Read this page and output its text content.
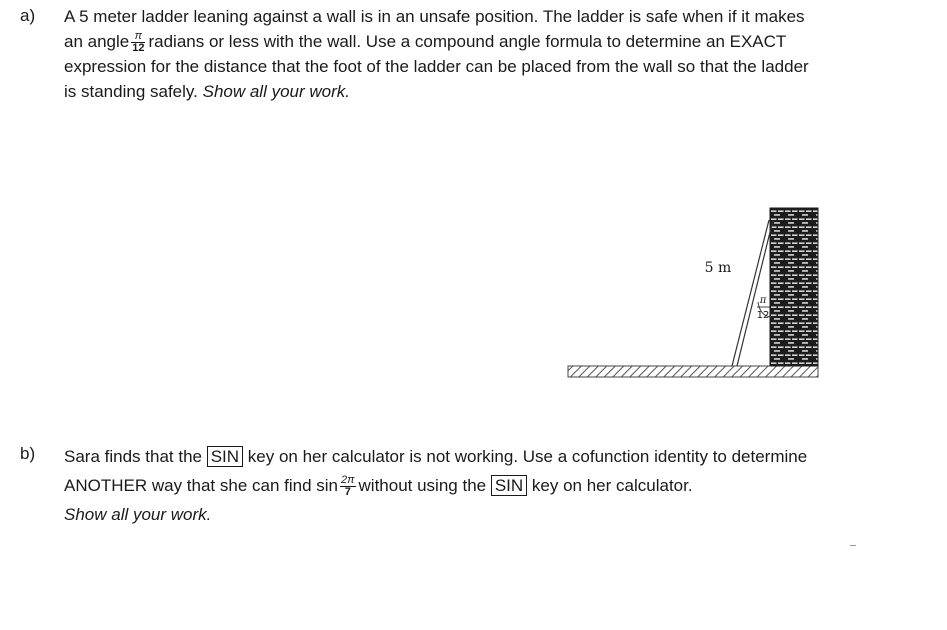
a) A 5 meter ladder leaning against a wall is in an unsafe position. The ladder is safe when if it makes

an angle $\frac{\pi}{12}$ radians or less with the wall. Use a compound angle formula to determine an EXACT

expression for the distance that the foot of the ladder can be placed from the wall so that the ladder

is standing safely. Show all your work.

5 m
π
12
b) Sara finds that the SIN key on her calculator is not working. Use a cofunction identity to determine

ANOTHER way that she can find $\sin \frac{2\pi}{7}$ without using the SIN key on her calculator.

Show all your work.
